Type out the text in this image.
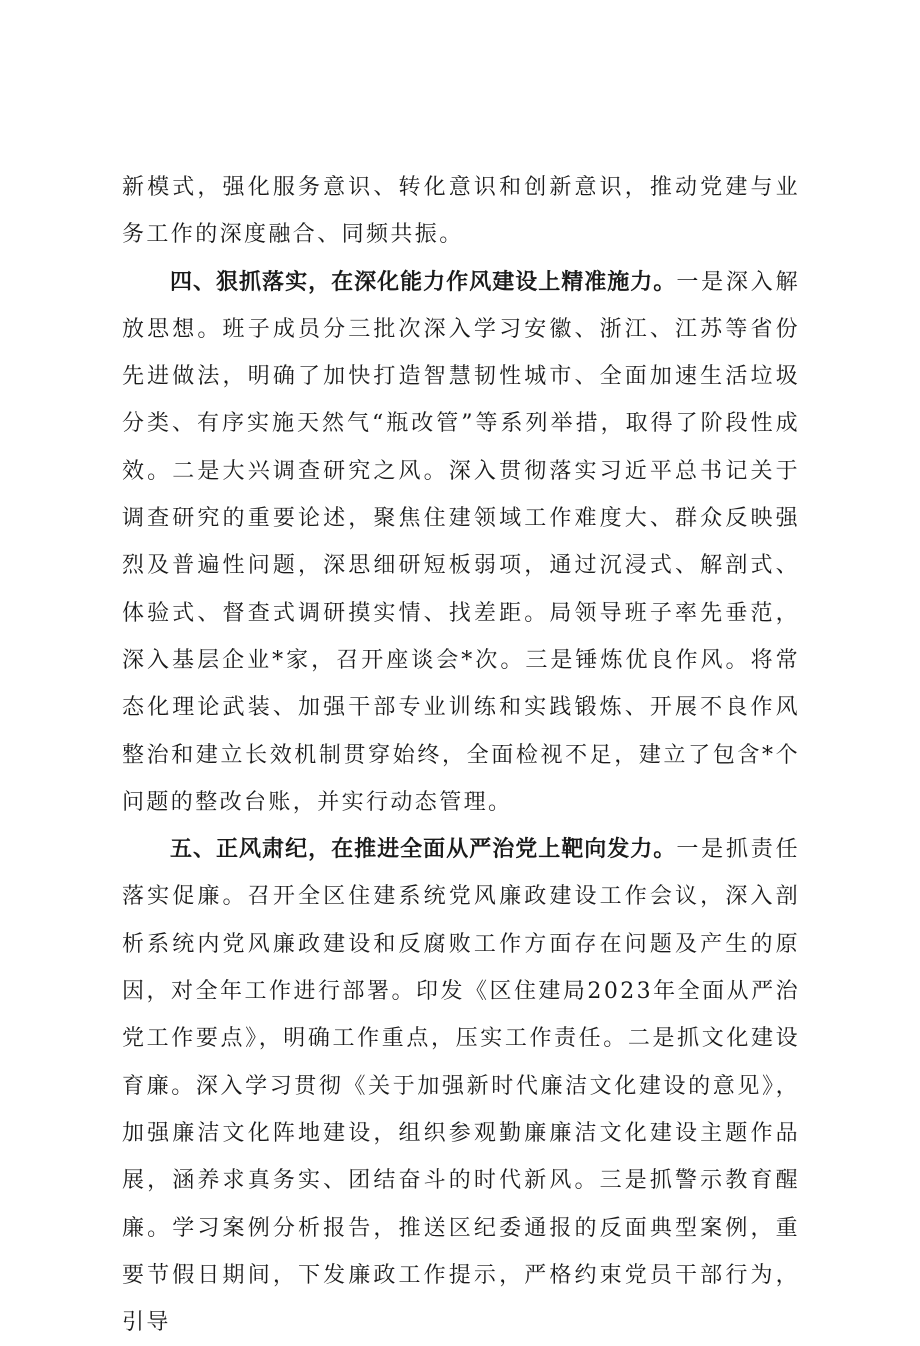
新模式，强化服务意识、转化意识和创新意识，推动党建与业务工作的深度融合、同频共振。

四、狠抓落实，在深化能力作风建设上精准施力。一是深入解放思想。班子成员分三批次深入学习安徽、浙江、江苏等省份先进做法，明确了加快打造智慧韧性城市、全面加速生活垃圾分类、有序实施天然气“瓶改管”等系列举措，取得了阶段性成效。二是大兴调查研究之风。深入贯彻落实习近平总书记关于调查研究的重要论述，聚焦住建领域工作难度大、群众反映强烈及普遍性问题，深思细研短板弱项，通过沉浸式、解剖式、体验式、督查式调研摸实情、找差距。局领导班子率先垂范，深入基层企业*家，召开座谈会*次。三是锤炼优良作风。将常态化理论武装、加强干部专业训练和实践锻炼、开展不良作风整治和建立长效机制贯穿始终，全面检视不足，建立了包含*个问题的整改台账，并实行动态管理。

五、正风肃纪，在推进全面从严治党上靶向发力。一是抓责任落实促廉。召开全区住建系统党风廉政建设工作会议，深入剖析系统内党风廉政建设和反腐败工作方面存在问题及产生的原因，对全年工作进行部署。印发《区住建局2023年全面从严治党工作要点》，明确工作重点，压实工作责任。二是抓文化建设育廉。深入学习贯彻《关于加强新时代廉洁文化建设的意见》，加强廉洁文化阵地建设，组织参观勤廉廉洁文化建设主题作品展，涵养求真务实、团结奋斗的时代新风。三是抓警示教育醒廉。学习案例分析报告，推送区纪委通报的反面典型案例，重要节假日期间，下发廉政工作提示，严格约束党员干部行为，引导
